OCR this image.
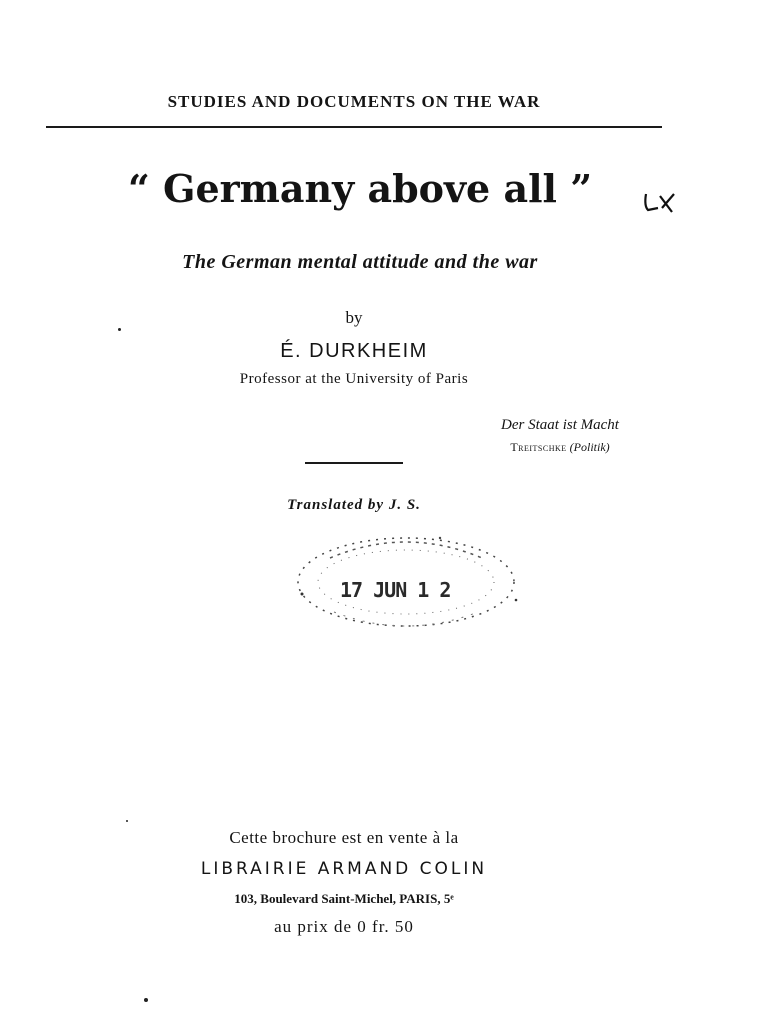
STUDIES AND DOCUMENTS ON THE WAR
“ Germany above all ”
The German mental attitude and the war
by
É. DURKHEIM
Professor at the University of Paris
Der Staat ist Macht
Treitschke (Politik)
Translated by J. S.
17 JUN 1 2
Cette brochure est en vente à la
LIBRAIRIE ARMAND COLIN
103, Boulevard Saint-Michel, PARIS, 5ᵉ
au prix de 0 fr. 50
